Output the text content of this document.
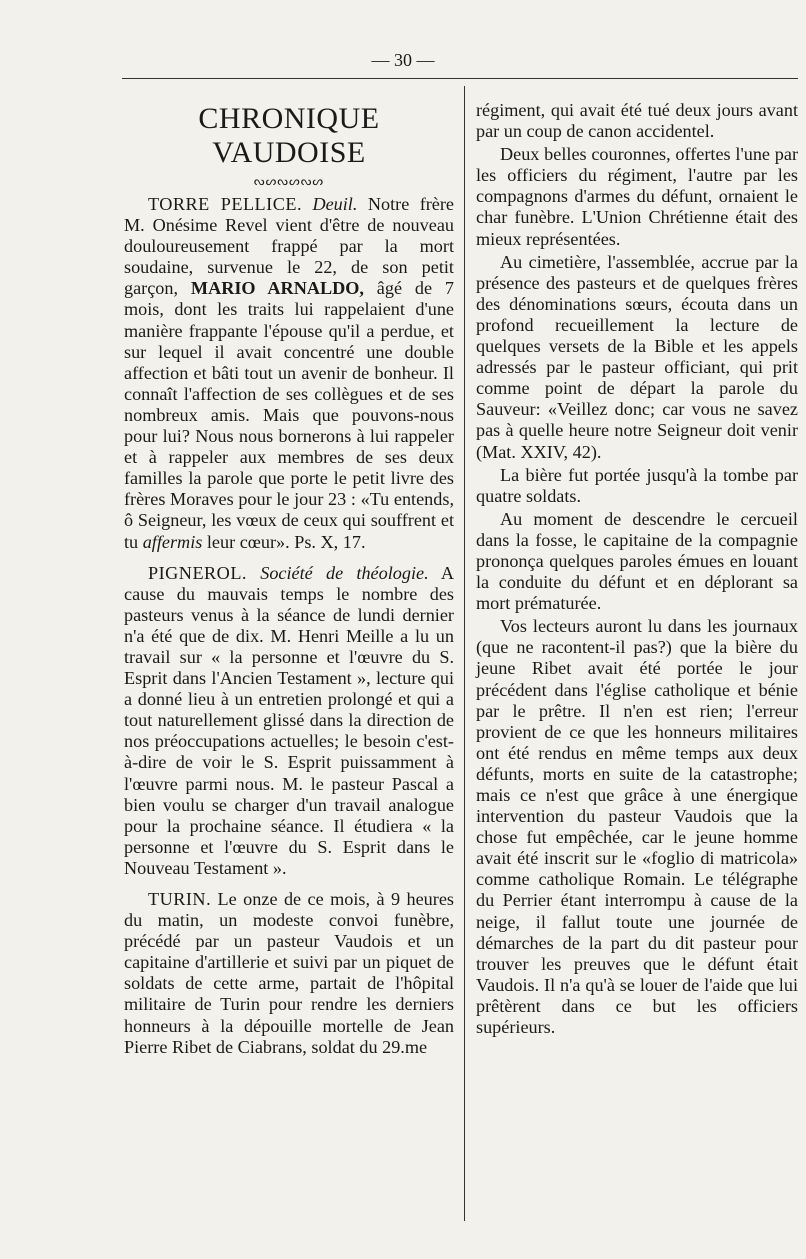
— 30 —
CHRONIQUE VAUDOISE
ᔓᔕᔓᔕᔓᔕ

TORRE PELLICE. Deuil. Notre frère M. Onésime Revel vient d'être de nouveau douloureusement frappé par la mort soudaine, survenue le 22, de son petit garçon, MARIO ARNALDO, âgé de 7 mois, dont les traits lui rappelaient d'une manière frappante l'épouse qu'il a perdue, et sur lequel il avait concentré une double affection et bâti tout un avenir de bonheur. Il connaît l'affection de ses collègues et de ses nombreux amis. Mais que pouvons-nous pour lui? Nous nous bornerons à lui rappeler et à rappeler aux membres de ses deux familles la parole que porte le petit livre des frères Moraves pour le jour 23 : «Tu entends, ô Seigneur, les vœux de ceux qui souffrent et tu affermis leur cœur». Ps. X, 17.

PIGNEROL. Société de théologie. A cause du mauvais temps le nombre des pasteurs venus à la séance de lundi dernier n'a été que de dix. M. Henri Meille a lu un travail sur « la personne et l'œuvre du S. Esprit dans l'Ancien Testament », lecture qui a donné lieu à un entretien prolongé et qui a tout naturellement glissé dans la direction de nos préoccupations actuelles; le besoin c'est-à-dire de voir le S. Esprit puissamment à l'œuvre parmi nous. M. le pasteur Pascal a bien voulu se charger d'un travail analogue pour la prochaine séance. Il étudiera « la personne et l'œuvre du S. Esprit dans le Nouveau Testament ».

TURIN. Le onze de ce mois, à 9 heures du matin, un modeste convoi funèbre, précédé par un pasteur Vaudois et un capitaine d'artillerie et suivi par un piquet de soldats de cette arme, partait de l'hôpital militaire de Turin pour rendre les derniers honneurs à la dépouille mortelle de Jean Pierre Ribet de Ciabrans, soldat du 29.me

régiment, qui avait été tué deux jours avant par un coup de canon accidentel.

Deux belles couronnes, offertes l'une par les officiers du régiment, l'autre par les compagnons d'armes du défunt, ornaient le char funèbre. L'Union Chrétienne était des mieux représentées.

Au cimetière, l'assemblée, accrue par la présence des pasteurs et de quelques frères des dénominations sœurs, écouta dans un profond recueillement la lecture de quelques versets de la Bible et les appels adressés par le pasteur officiant, qui prit comme point de départ la parole du Sauveur: «Veillez donc; car vous ne savez pas à quelle heure notre Seigneur doit venir (Mat. XXIV, 42).

La bière fut portée jusqu'à la tombe par quatre soldats.

Au moment de descendre le cercueil dans la fosse, le capitaine de la compagnie prononça quelques paroles émues en louant la conduite du défunt et en déplorant sa mort prématurée.

Vos lecteurs auront lu dans les journaux (que ne racontent-il pas?) que la bière du jeune Ribet avait été portée le jour précédent dans l'église catholique et bénie par le prêtre. Il n'en est rien; l'erreur provient de ce que les honneurs militaires ont été rendus en même temps aux deux défunts, morts en suite de la catastrophe; mais ce n'est que grâce à une énergique intervention du pasteur Vaudois que la chose fut empêchée, car le jeune homme avait été inscrit sur le «foglio di matricola» comme catholique Romain. Le télégraphe du Perrier étant interrompu à cause de la neige, il fallut toute une journée de démarches de la part du dit pasteur pour trouver les preuves que le défunt était Vaudois. Il n'a qu'à se louer de l'aide que lui prêtèrent dans ce but les officiers supérieurs.
